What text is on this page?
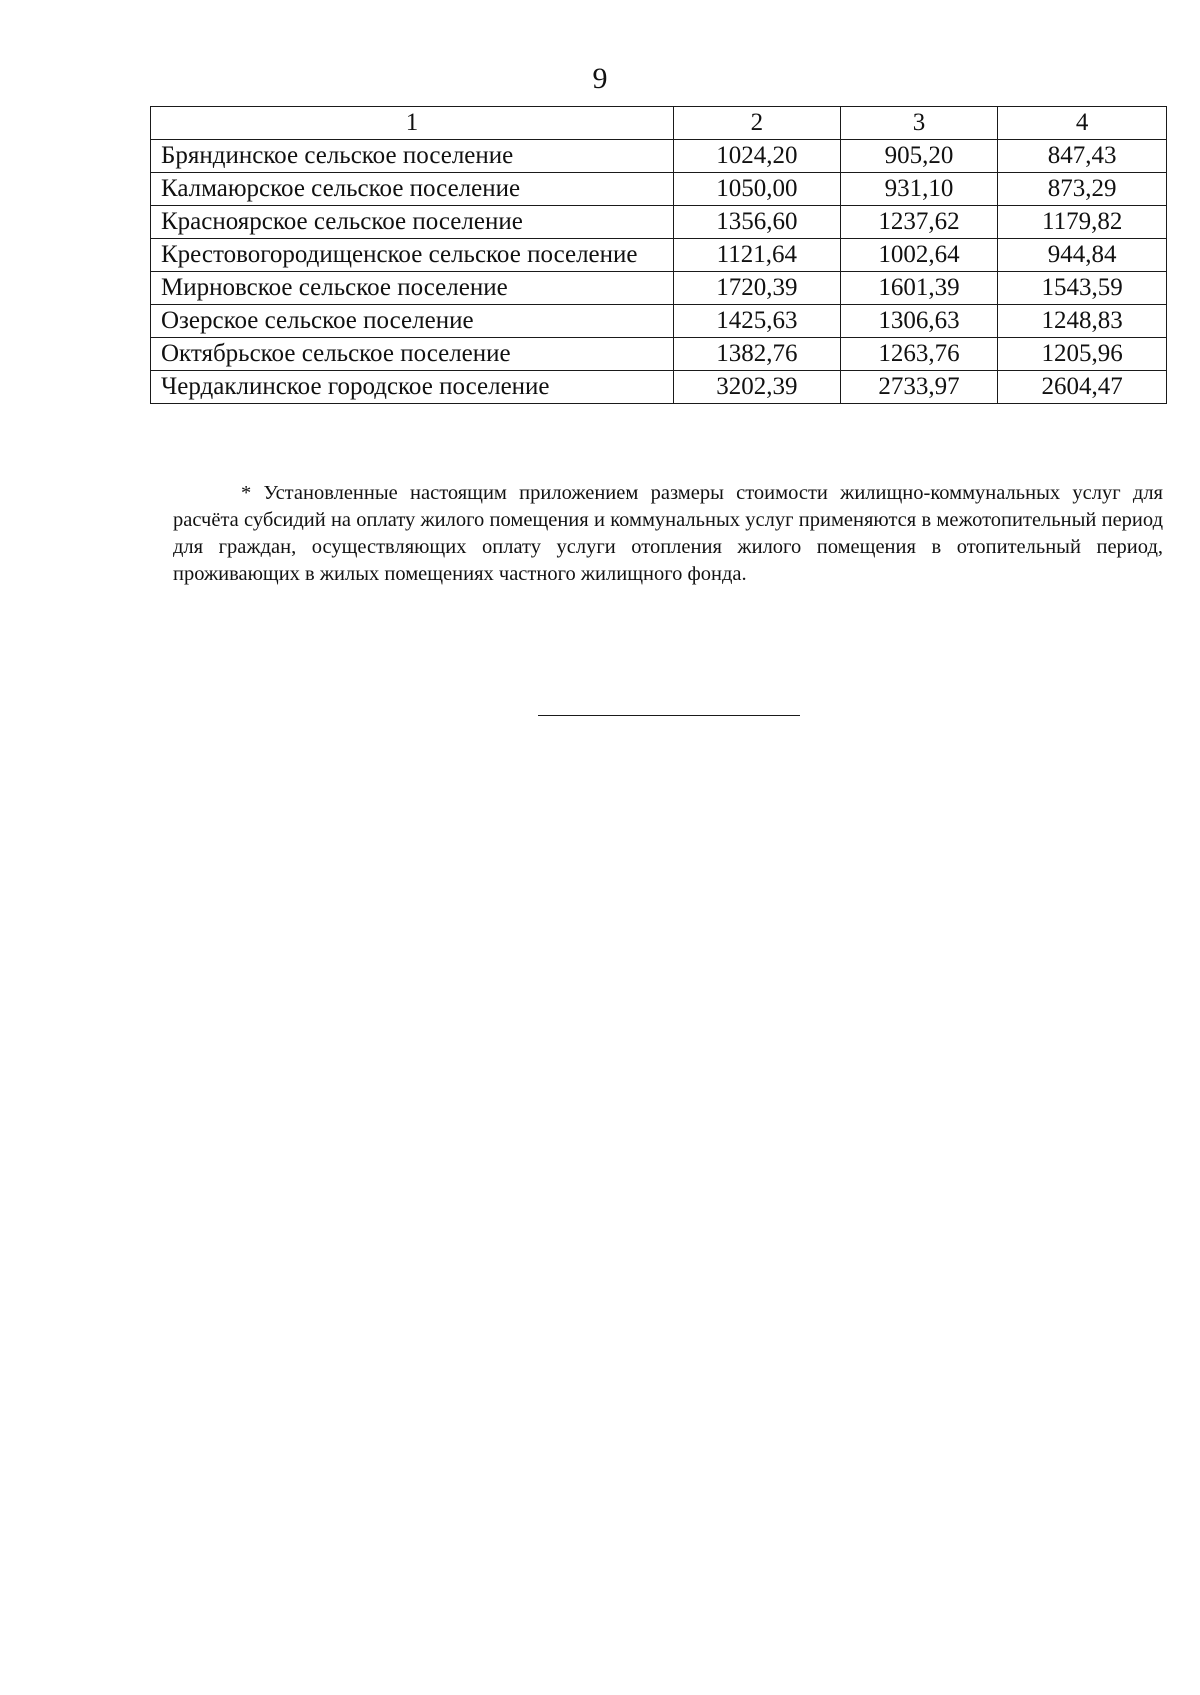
9
1	2	3	4
Бряндинское сельское поселение	1024,20	905,20	847,43
Калмаюрское сельское поселение	1050,00	931,10	873,29
Красноярское сельское поселение	1356,60	1237,62	1179,82
Крестовогородищенское сельское поселение	1121,64	1002,64	944,84
Мирновское сельское поселение	1720,39	1601,39	1543,59
Озерское сельское поселение	1425,63	1306,63	1248,83
Октябрьское сельское поселение	1382,76	1263,76	1205,96
Чердаклинское городское поселение	3202,39	2733,97	2604,47
* Установленные настоящим приложением размеры стоимости жилищно-коммунальных услуг для расчёта субсидий на оплату жилого помещения и коммунальных услуг применяются в межотопительный период для граждан, осуществляющих оплату услуги отопления жилого помещения в отопительный период, проживающих в жилых помещениях частного жилищного фонда.
